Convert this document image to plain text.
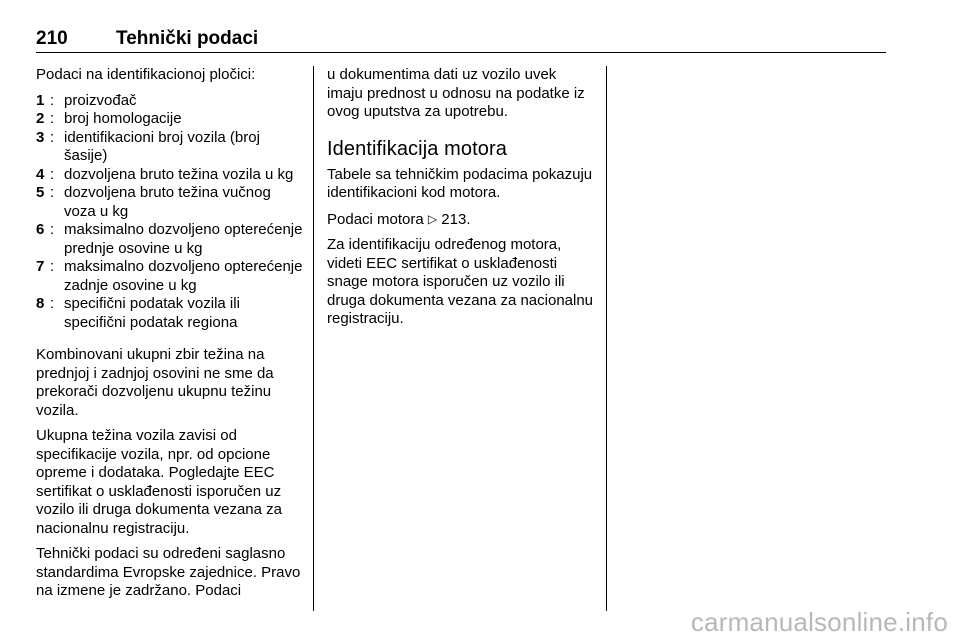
210	Tehnički podaci

Podaci na identifikacionoj pločici:

1 : proizvođač
2 : broj homologacije
3 : identifikacioni broj vozila (broj šasije)
4 : dozvoljena bruto težina vozila u kg
5 : dozvoljena bruto težina vučnog voza u kg
6 : maksimalno dozvoljeno opterećenje prednje osovine u kg
7 : maksimalno dozvoljeno opterećenje zadnje osovine u kg
8 : specifični podatak vozila ili specifični podatak regiona

Kombinovani ukupni zbir težina na prednjoj i zadnjoj osovini ne sme da prekorači dozvoljenu ukupnu težinu vozila.

Ukupna težina vozila zavisi od specifikacije vozila, npr. od opcione opreme i dodataka. Pogledajte EEC sertifikat o usklađenosti isporučen uz vozilo ili druga dokumenta vezana za nacionalnu registraciju.

Tehnički podaci su određeni saglasno standardima Evropske zajednice. Pravo na izmene je zadržano. Podaci

u dokumentima dati uz vozilo uvek imaju prednost u odnosu na podatke iz ovog uputstva za upotrebu.

Identifikacija motora

Tabele sa tehničkim podacima pokazuju identifikacioni kod motora.

Podaci motora ▷ 213.

Za identifikaciju određenog motora, videti EEC sertifikat o usklađenosti snage motora isporučen uz vozilo ili druga dokumenta vezana za nacionalnu registraciju.

carmanualsonline.info
